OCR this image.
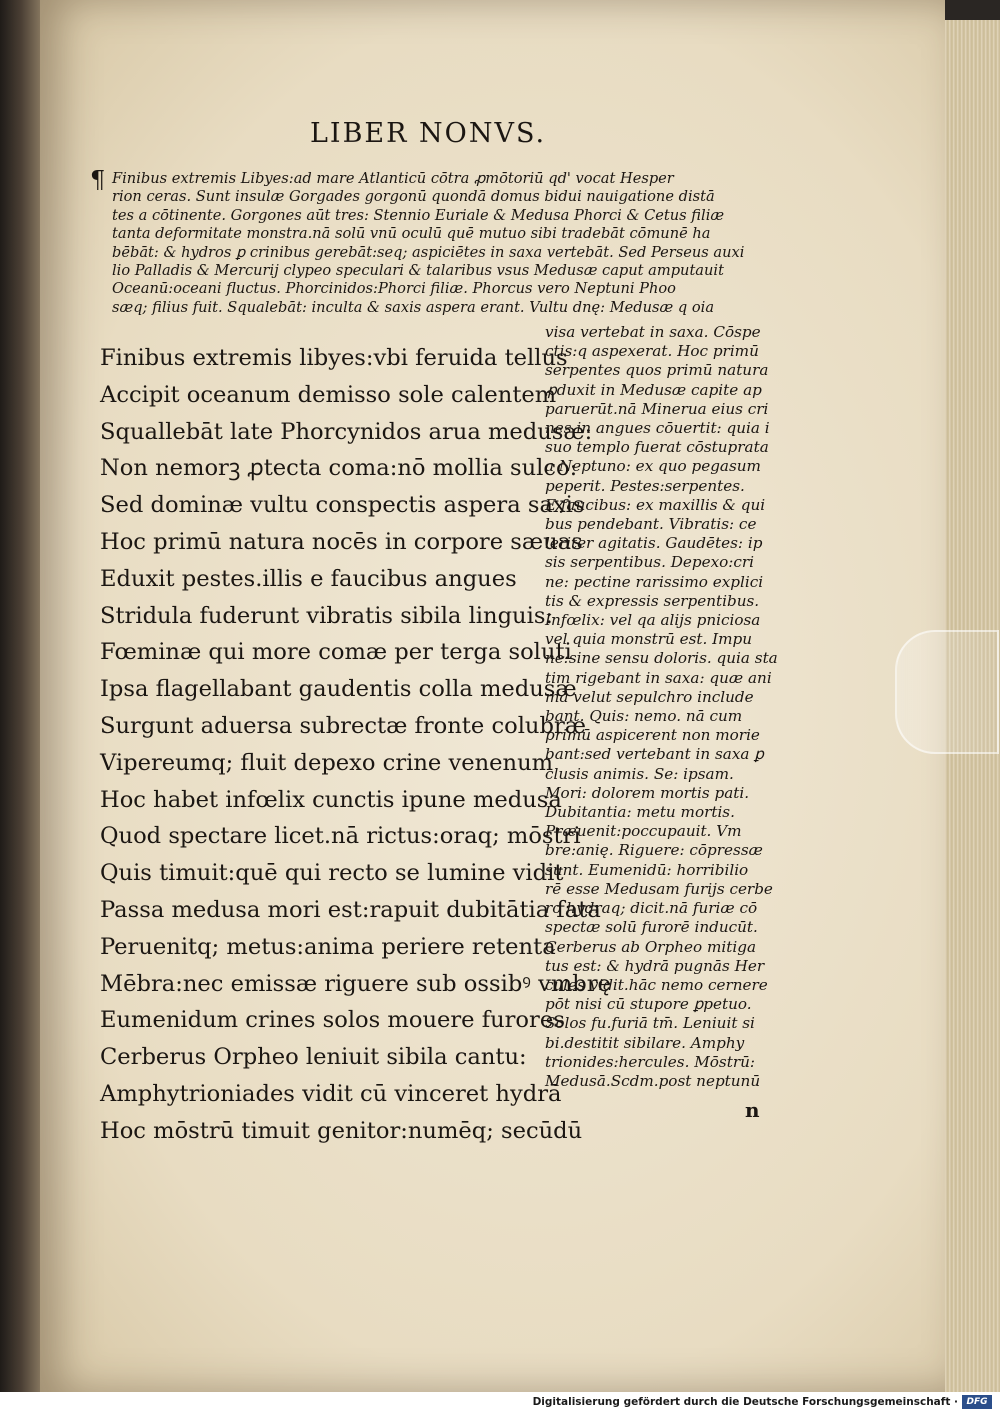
LIBER NONVS.
¶ Finibus extremis Libyes:ad mare Atlanticū cōtra ꝓmōtoriū qd' vocat Hesper
rion ceras. Sunt insulæ Gorgades gorgonū quondā domus bidui nauigatione distā
tes a cōtinente. Gorgones aūt tres: Stennio Euriale & Medusa Phorci & Cetus filiæ
tanta deformitate monstra.nā solū vnū oculū quē mutuo sibi tradebāt cōmunē ha
bēbāt: & hydros ꝑ crinibus gerebāt:seq; aspiciētes in saxa vertebāt. Sed Perseus auxi
lio Palladis & Mercurij clypeo speculari & talaribus vsus Medusæ caput amputauit
Oceanū:oceani fluctus. Phorcinidos:Phorci filiæ. Phorcus vero Neptuni Phoo
sæq; filius fuit. Squalebāt: inculta & saxis aspera erant. Vultu dnę: Medusæ q oia
Finibus extremis libyes:vbi feruida tellus
Accipit oceanum demisso sole calentem
Squallebāt late Phorcynidos arua medusæ:
Non nemorꝫ ꝓtecta coma:nō mollia sulco:
Sed dominæ vultu conspectis aspera saxis
Hoc primū natura nocēs in corpore sæuas
Eduxit pestes.illis e faucibus angues
Stridula fuderunt vibratis sibila linguis:
Fœminæ qui more comæ per terga soluti
Ipsa flagellabant gaudentis colla medusæ
Surgunt aduersa subrectæ fronte colubræ
Vipereumq; fluit depexo crine venenum
Hoc habet infœlix cunctis ipune medusa
Quod spectare licet.nā rictus:oraq; mōstri
Quis timuit:quē qui recto se lumine vidit
Passa medusa mori est:rapuit dubitātia fata
Peruenitq; metus:anima periere retenta
Mēbra:nec emissæ riguere sub ossibꝰ vmbrę
Eumenidum crines solos mouere furores
Cerberus Orpheo leniuit sibila cantu:
Amphytrioniades vidit cū vinceret hydrā
Hoc mōstrū timuit genitor:numēq; secūdū
visa vertebat in saxa. Cōspe
ctis:q aspexerat. Hoc primū
serpentes quos primū natura
ꝓduxit in Medusæ capite ap
paruerūt.nā Minerua eius cri
nes in angues cōuertit: quia i
suo templo fuerat cōstuprata
a Neptuno: ex quo pegasum
peperit. Pestes:serpentes.
E faucibus: ex maxillis & qui
bus pendebant. Vibratis: ce
leriter agitatis. Gaudētes: ip
sis serpentibus. Depexo:cri
ne: pectine rarissimo explici
tis & expressis serpentibus.
Infœlix: vel qa alijs pniciosa
vel quia monstrū est. Impu
ne:sine sensu doloris. quia sta
tim rigebant in saxa: quæ ani
mā velut sepulchro include
bant. Quis: nemo. nā cum
primū aspicerent non morie
bant:sed vertebant in saxa ꝑ
clusis animis. Se: ipsam.
Mori: dolorem mortis pati.
Dubitantia: metu mortis.
Præuenit:poccupauit. Vm
bre:anię. Riguere: cōpressæ
sunt. Eumenidū: horribilio
rē esse Medusam furijs cerbe
ro hydraq; dicit.nā furiæ cō
spectæ solū furorē inducūt.
Cerberus ab Orpheo mitiga
tus est: & hydrā pugnās Her
cules vidit.hāc nemo cernere
pōt nisi cū stupore ꝑpetuo.
Solos fu.furiā tm̄. Leniuit si
bi.destitit sibilare. Amphy
trionides:hercules. Mōstrū:
Medusā.Scdm.post neptunū
n
Digitalisierung gefördert durch die Deutsche Forschungsgemeinschaft · DFG
